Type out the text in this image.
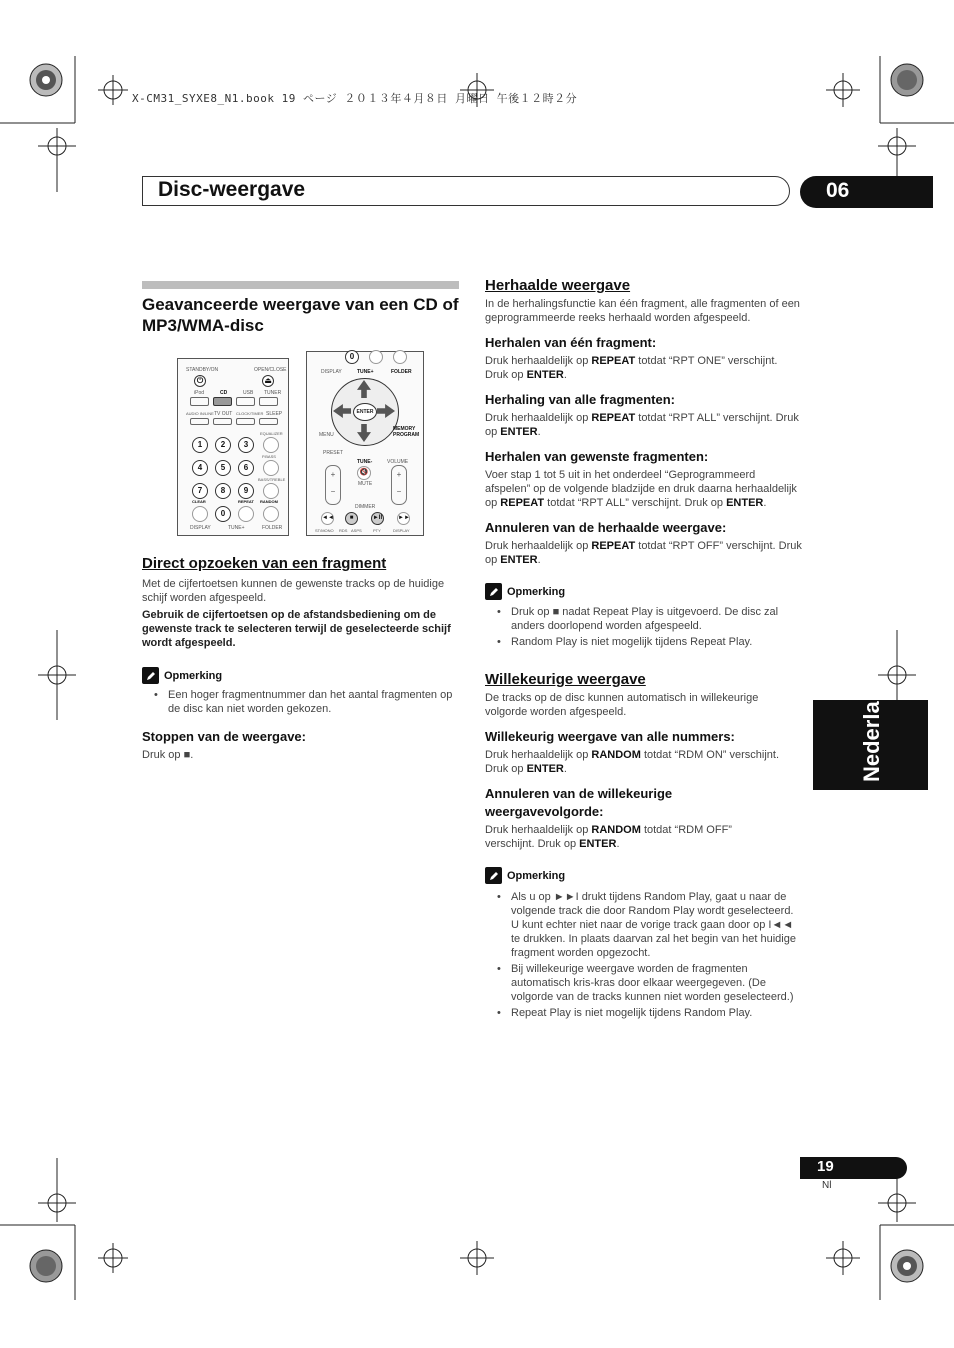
X-CM31_SYXE8_N1.book 19 ページ ２０１３年４月８日 月曜日 午後１２時２分
Disc-weergave	06
Nederlands
Geavanceerde weergave van een CD of MP3/WMA-disc
STANDBY/ON	OPEN/CLOSE
⏻	⏏
iPod	CD	USB TUNER
AUDIO IN/LINE TV OUT CLOCK/TIMER SLEEP
EQUALIZER
1	2	3
P.BASS
4	5	6
BASS/TREBLE
7	8	9
CLEAR	REPEAT RANDOM
0
DISPLAY	TUNE+	FOLDER
0
DISPLAY	TUNE+	FOLDER
ENTER
MENU
MEMORY
PROGRAM
PRESET
TUNE-	VOLUME
+
−
+
−
🔇
MUTE
DIMMER
◄◄	■	►II	►►
ST/MONO RDS ASPS	PTY	DISPLAY
Direct opzoeken van een fragment

Met de cijfertoetsen kunnen de gewenste tracks op de huidige schijf worden afgespeeld.

Gebruik de cijfertoetsen op de afstandsbediening om de gewenste track te selecteren terwijl de geselecteerde schijf wordt afgespeeld.

Opmerking
• Een hoger fragmentnummer dan het aantal fragmenten op de disc kan niet worden gekozen.
Stoppen van de weergave:

Druk op ■.

Herhaalde weergave

In de herhalingsfunctie kan één fragment, alle fragmenten of een geprogrammeerde reeks herhaald worden afgespeeld.

Herhalen van één fragment:

Druk herhaaldelijk op REPEAT totdat “RPT ONE” verschijnt. Druk op ENTER.

Herhaling van alle fragmenten:

Druk herhaaldelijk op REPEAT totdat “RPT ALL” verschijnt. Druk op ENTER.

Herhalen van gewenste fragmenten:

Voer stap 1 tot 5 uit in het onderdeel “Geprogrammeerd afspelen” op de volgende bladzijde en druk daarna herhaaldelijk op REPEAT totdat “RPT ALL” verschijnt. Druk op ENTER.

Annuleren van de herhaalde weergave:

Druk herhaaldelijk op REPEAT totdat “RPT OFF” verschijnt. Druk op ENTER.

Opmerking
• Druk op ■ nadat Repeat Play is uitgevoerd. De disc zal anders doorlopend worden afgespeeld.
• Random Play is niet mogelijk tijdens Repeat Play.
Willekeurige weergave

De tracks op de disc kunnen automatisch in willekeurige volgorde worden afgespeeld.

Willekeurig weergave van alle nummers:

Druk herhaaldelijk op RANDOM totdat “RDM ON” verschijnt. Druk op ENTER.

Annuleren van de willekeurige weergavevolgorde:

Druk herhaaldelijk op RANDOM totdat “RDM OFF” verschijnt. Druk op ENTER.

Opmerking
• Als u op ►►I drukt tijdens Random Play, gaat u naar de volgende track die door Random Play wordt geselecteerd. U kunt echter niet naar de vorige track gaan door op I◄◄ te drukken. In plaats daarvan zal het begin van het huidige fragment worden opgezocht.
• Bij willekeurige weergave worden de fragmenten automatisch kris-kras door elkaar weergegeven. (De volgorde van de tracks kunnen niet worden geselecteerd.)
• Repeat Play is niet mogelijk tijdens Random Play.
19
Nl
